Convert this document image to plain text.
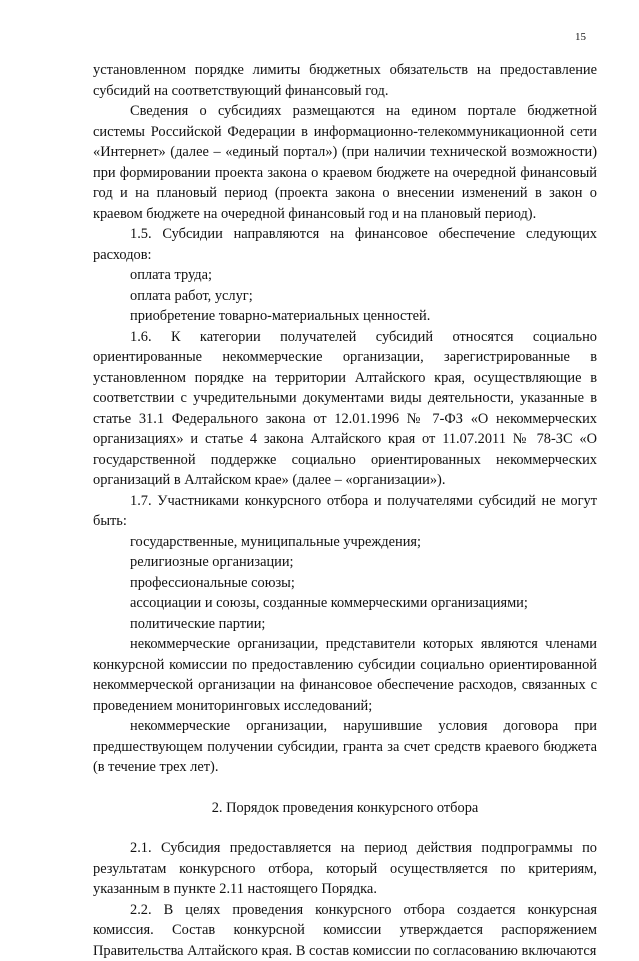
15

установленном порядке лимиты бюджетных обязательств на предоставление субсидий на соответствующий финансовый год.

Сведения о субсидиях размещаются на едином портале бюджетной системы Российской Федерации в информационно-телекоммуникационной сети «Интернет» (далее – «единый портал») (при наличии технической возможности) при формировании проекта закона о краевом бюджете на очередной финансовый год и на плановый период (проекта закона о внесении изменений в закон о краевом бюджете на очередной финансовый год и на плановый период).

1.5. Субсидии направляются на финансовое обеспечение следующих расходов:

оплата труда;

оплата работ, услуг;

приобретение товарно-материальных ценностей.

1.6. К категории получателей субсидий относятся социально ориентированные некоммерческие организации, зарегистрированные в установленном порядке на территории Алтайского края, осуществляющие в соответствии с учредительными документами виды деятельности, указанные в статье 31.1 Федерального закона от 12.01.1996 № 7-ФЗ «О некоммерческих организациях» и статье 4 закона Алтайского края от 11.07.2011 № 78-ЗС «О государственной поддержке социально ориентированных некоммерческих организаций в Алтайском крае» (далее – «организации»).

1.7. Участниками конкурсного отбора и получателями субсидий не могут быть:

государственные, муниципальные учреждения;

религиозные организации;

профессиональные союзы;

ассоциации и союзы, созданные коммерческими организациями;

политические партии;

некоммерческие организации, представители которых являются членами конкурсной комиссии по предоставлению субсидии социально ориентированной некоммерческой организации на финансовое обеспечение расходов, связанных с проведением мониторинговых исследований;

некоммерческие организации, нарушившие условия договора при предшествующем получении субсидии, гранта за счет средств краевого бюджета (в течение трех лет).

2. Порядок проведения конкурсного отбора

2.1. Субсидия предоставляется на период действия подпрограммы по результатам конкурсного отбора, который осуществляется по критериям, указанным в пункте 2.11 настоящего Порядка.

2.2. В целях проведения конкурсного отбора создается конкурсная комиссия. Состав конкурсной комиссии утверждается распоряжением Правительства Алтайского края. В состав комиссии по согласованию включаются
